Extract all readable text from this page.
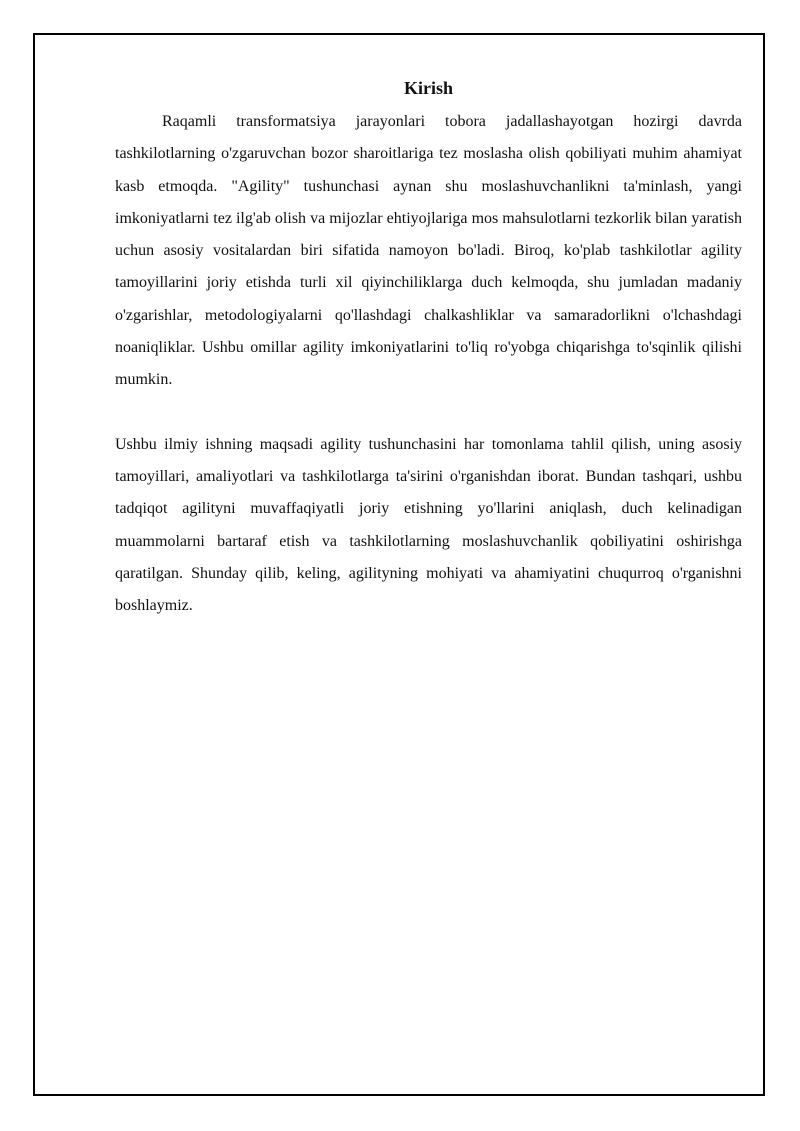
Kirish

Raqamli transformatsiya jarayonlari tobora jadallashayotgan hozirgi davrda tashkilotlarning o'zgaruvchan bozor sharoitlariga tez moslasha olish qobiliyati muhim ahamiyat kasb etmoqda. "Agility" tushunchasi aynan shu moslashuvchanlikni ta'minlash, yangi imkoniyatlarni tez ilg'ab olish va mijozlar ehtiyojlariga mos mahsulotlarni tezkorlik bilan yaratish uchun asosiy vositalardan biri sifatida namoyon bo'ladi. Biroq, ko'plab tashkilotlar agility tamoyillarini joriy etishda turli xil qiyinchiliklarga duch kelmoqda, shu jumladan madaniy o'zgarishlar, metodologiyalarni qo'llashdagi chalkashliklar va samaradorlikni o'lchashdagi noaniqliklar. Ushbu omillar agility imkoniyatlarini to'liq ro'yobga chiqarishga to'sqinlik qilishi mumkin.

Ushbu ilmiy ishning maqsadi agility tushunchasini har tomonlama tahlil qilish, uning asosiy tamoyillari, amaliyotlari va tashkilotlarga ta'sirini o'rganishdan iborat. Bundan tashqari, ushbu tadqiqot agilityni muvaffaqiyatli joriy etishning yo'llarini aniqlash, duch kelinadigan muammolarni bartaraf etish va tashkilotlarning moslashuvchanlik qobiliyatini oshirishga qaratilgan. Shunday qilib, keling, agilityning mohiyati va ahamiyatini chuqurroq o'rganishni boshlaymiz.
